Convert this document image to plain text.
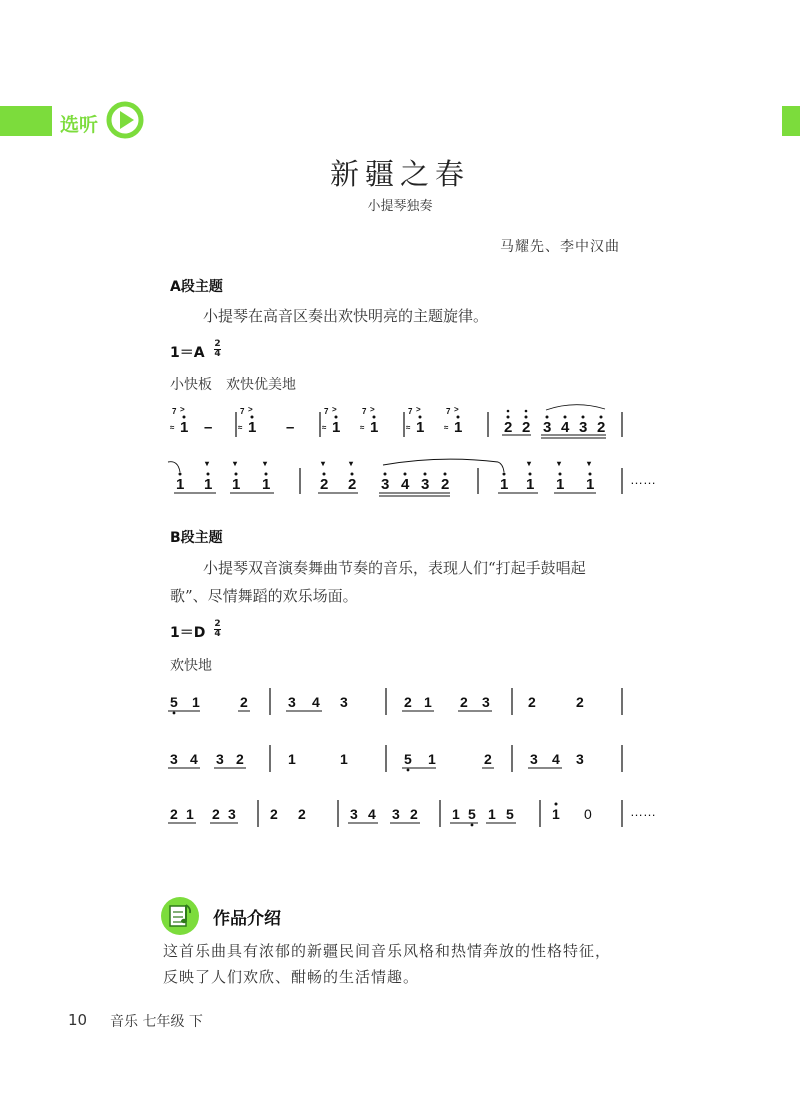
选听
新疆之春
小提琴独奏
马耀先、李中汉曲
A段主题
小提琴在高音区奏出欢快明亮的主题旋律。
1＝A
2
4
小快板　欢快优美地
7 >
≈ 1 –
7 >
≈ 1 –
7 >
≈ 1
7 >
≈ 1
7 >
≈ 1
7 >
≈ 1	2 2 3 4 3 2
1 1
▾
1
▾
1
▾
2
▾
2
▾
3 4 3 2	1 1
▾
1
▾
1
▾
……
B段主题
小提琴双音演奏舞曲节奏的音乐，表现人们“打起手鼓唱起
歌”、尽情舞蹈的欢乐场面。
1＝D
2
4
欢快地
5 1	2	3 4 3	2 1 2 3	2	2
3 4 3 2	1	1	5 1	2	3 4 3
2 1 2 3 2 2	3 4 3 2 1 5 1 5	1 0	……
作品介绍
这首乐曲具有浓郁的新疆民间音乐风格和热情奔放的性格特征，
反映了人们欢欣、酣畅的生活情趣。
10 音乐 七年级 下
